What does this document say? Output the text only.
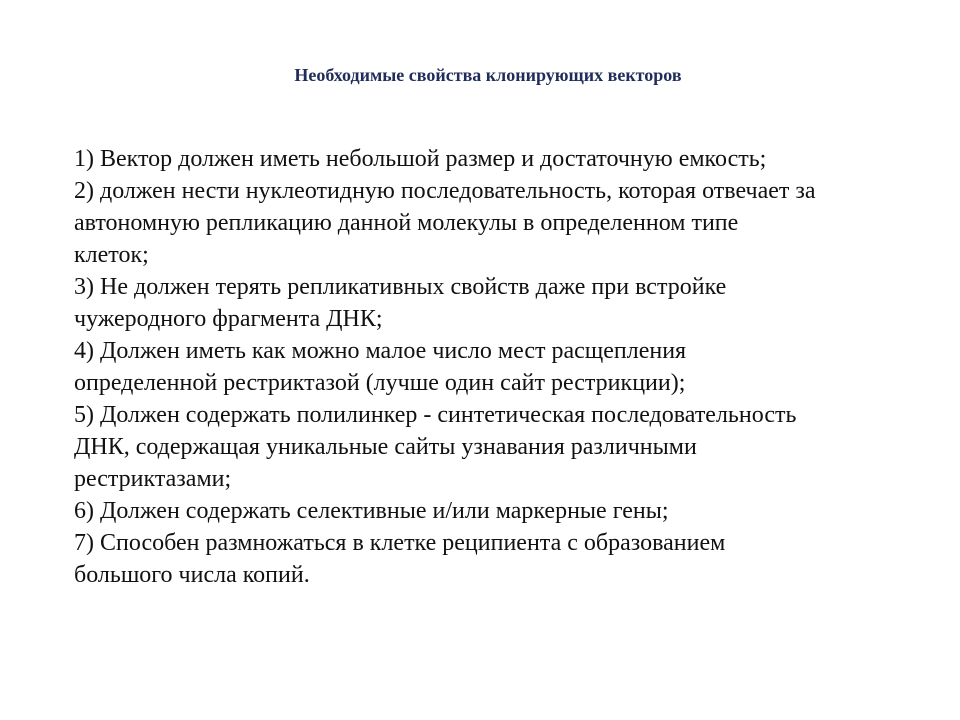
Необходимые свойства клонирующих векторов
1) Вектор должен иметь небольшой размер и достаточную емкость;
2) должен нести нуклеотидную последовательность, которая отвечает за
автономную репликацию данной молекулы в определенном типе
клеток;
3) Не должен терять репликативных свойств даже при встройке
чужеродного фрагмента ДНК;
4) Должен иметь как можно малое число мест расщепления
определенной рестриктазой (лучше один сайт рестрикции);
5) Должен содержать полилинкер - синтетическая последовательность
ДНК, содержащая уникальные сайты узнавания различными
рестриктазами;
6) Должен содержать селективные и/или маркерные гены;
7) Способен размножаться в клетке реципиента с образованием
большого числа копий.
